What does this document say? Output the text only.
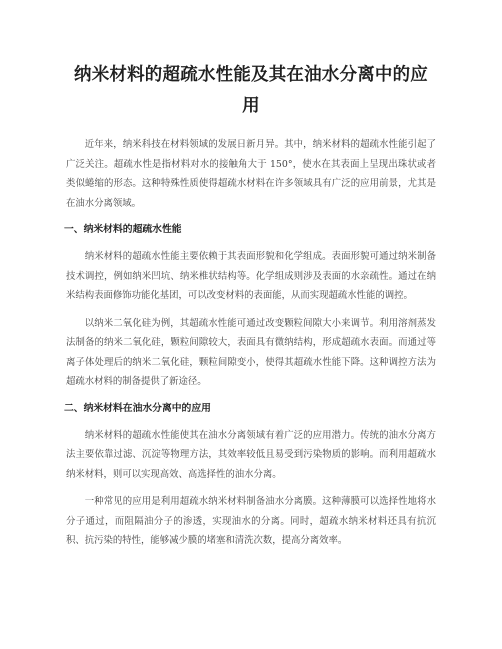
纳米材料的超疏水性能及其在油水分离中的应用

近年来，纳米科技在材料领域的发展日新月异。其中，纳米材料的超疏水性能引起了广泛关注。超疏水性是指材料对水的接触角大于 150°，使水在其表面上呈现出珠状或者类似蜷缩的形态。这种特殊性质使得超疏水材料在许多领域具有广泛的应用前景，尤其是在油水分离领域。

一、纳米材料的超疏水性能

纳米材料的超疏水性能主要依赖于其表面形貌和化学组成。表面形貌可通过纳米制备技术调控，例如纳米凹坑、纳米椎状结构等。化学组成则涉及表面的水亲疏性。通过在纳米结构表面修饰功能化基团，可以改变材料的表面能，从而实现超疏水性能的调控。

以纳米二氧化硅为例，其超疏水性能可通过改变颗粒间隙大小来调节。利用溶剂蒸发法制备的纳米二氧化硅，颗粒间隙较大，表面具有微纳结构，形成超疏水表面。而通过等离子体处理后的纳米二氧化硅，颗粒间隙变小，使得其超疏水性能下降。这种调控方法为超疏水材料的制备提供了新途径。

二、纳米材料在油水分离中的应用

纳米材料的超疏水性能使其在油水分离领域有着广泛的应用潜力。传统的油水分离方法主要依靠过滤、沉淀等物理方法，其效率较低且易受到污染物质的影响。而利用超疏水纳米材料，则可以实现高效、高选择性的油水分离。

一种常见的应用是利用超疏水纳米材料制备油水分离膜。这种薄膜可以选择性地将水分子通过，而阻隔油分子的渗透，实现油水的分离。同时，超疏水纳米材料还具有抗沉积、抗污染的特性，能够减少膜的堵塞和清洗次数，提高分离效率。
